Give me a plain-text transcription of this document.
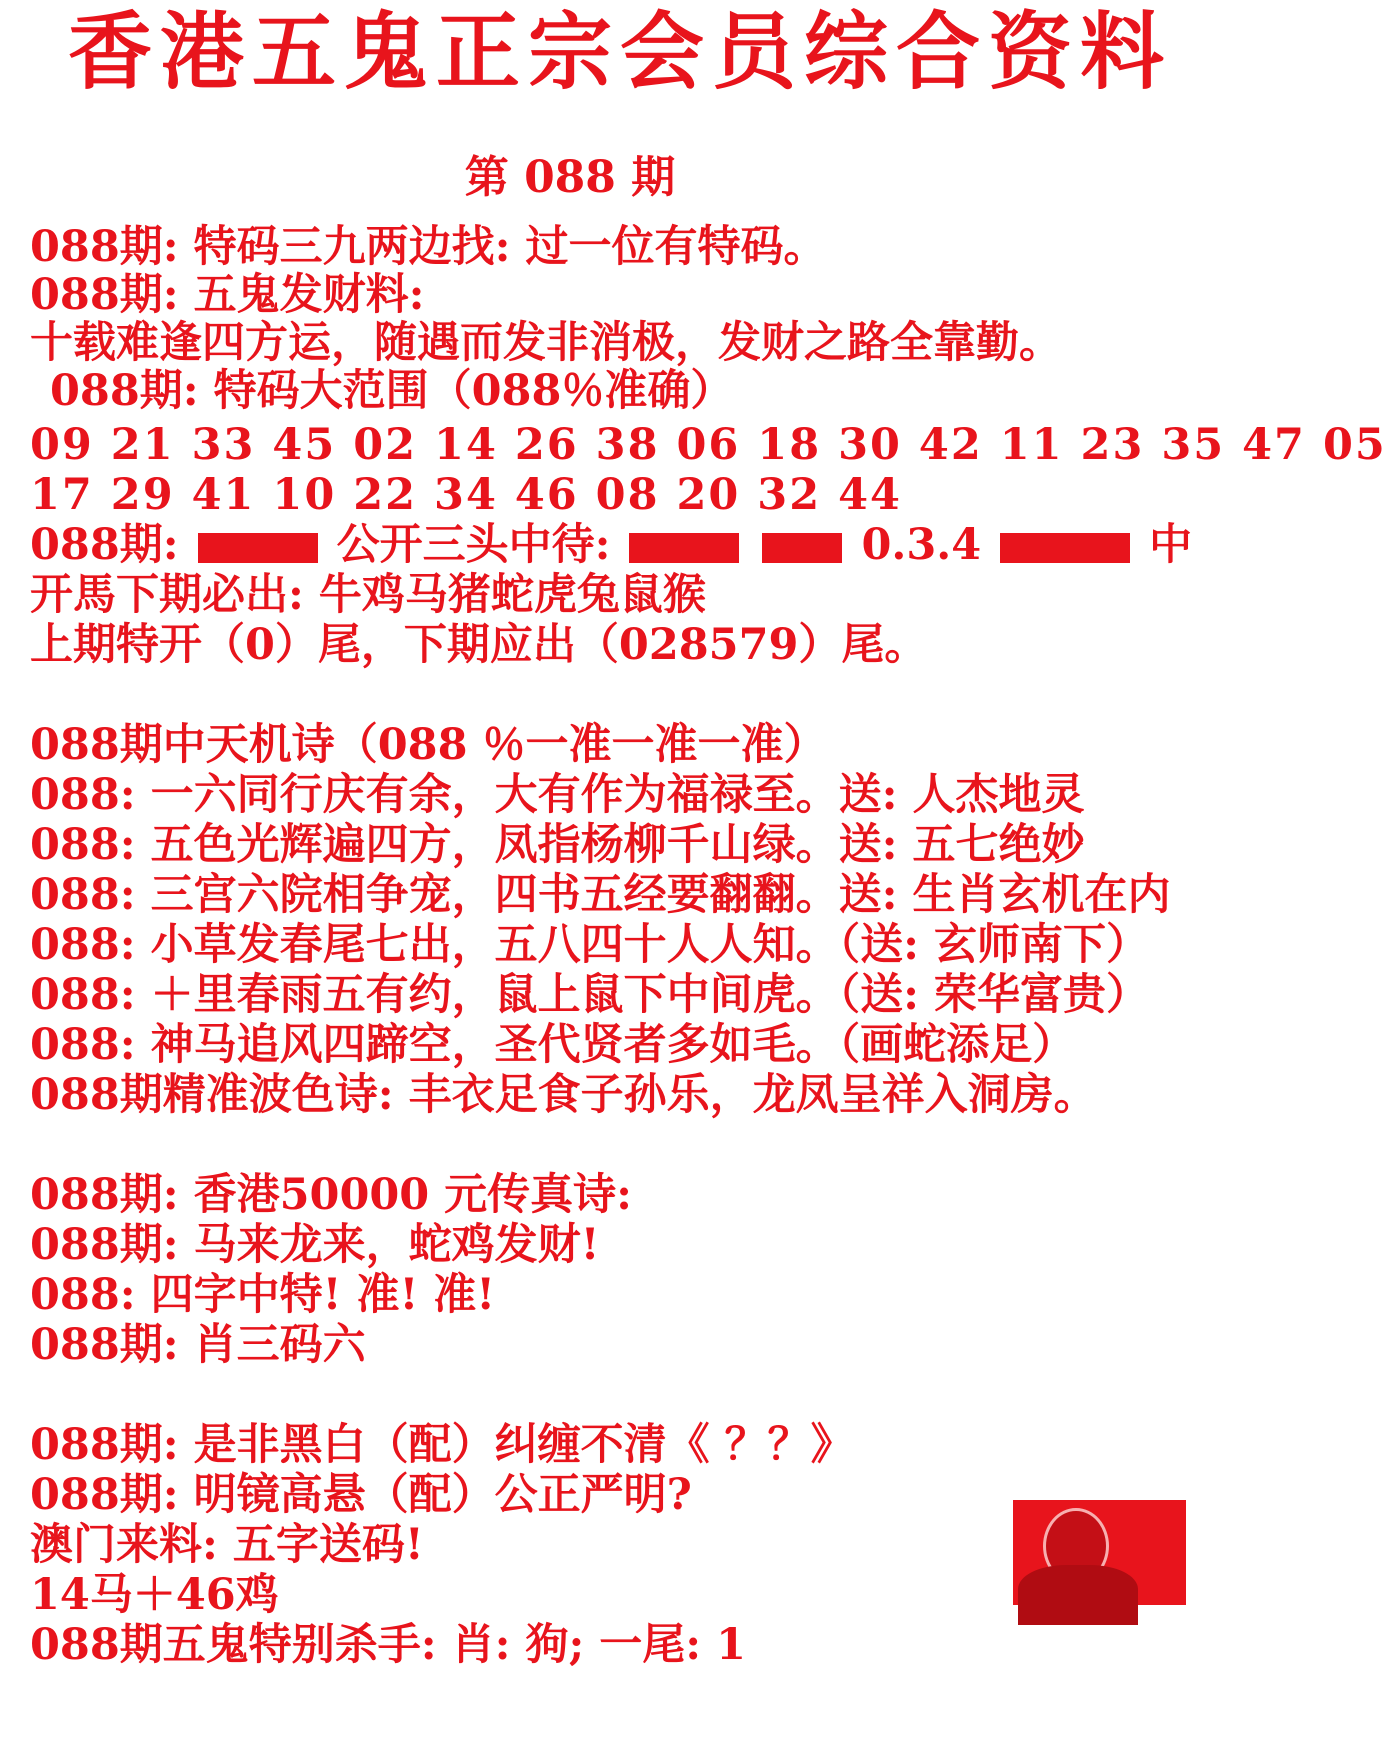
香港五鬼正宗会员综合资料
第 088 期
088期: 特码三九两边找: 过一位有特码。
088期: 五鬼发财料:
十载难逢四方运，随遇而发非消极，发财之路全靠勤。
088期: 特码大范围（088％准确）
09 21 33 45 02 14 26 38 06 18 30 42 11 23 35 47 05
17 29 41 10 22 34 46 08 20 32 44
088期:	公开三头中待:	0.3.4	中
开馬下期必出: 牛鸡马猪蛇虎兔鼠猴
上期特开（0）尾，下期应出（028579）尾。
088期中天机诗（088 ％一准一准一准）
088: 一六同行庆有余，大有作为福禄至。送: 人杰地灵
088: 五色光辉遍四方，凤指杨柳千山绿。送: 五七绝妙
088: 三宫六院相争宠，四书五经要翻翻。送: 生肖玄机在内
088: 小草发春尾七出，五八四十人人知。（送: 玄师南下）
088: ＋里春雨五有约，鼠上鼠下中间虎。（送: 荣华富贵）
088: 神马追风四蹄空，圣代贤者多如毛。（画蛇添足）
088期精准波色诗: 丰衣足食子孙乐，龙凤呈祥入洞房。
088期: 香港50000 元传真诗:
088期: 马来龙来，蛇鸡发财!
088: 四字中特! 准! 准!
088期: 肖三码六
088期: 是非黑白（配）纠缠不清《 ？？》
088期: 明镜高悬（配）公正严明?
澳门来料: 五字送码!
14马＋46鸡
088期五鬼特别杀手: 肖: 狗; 一尾: 1
